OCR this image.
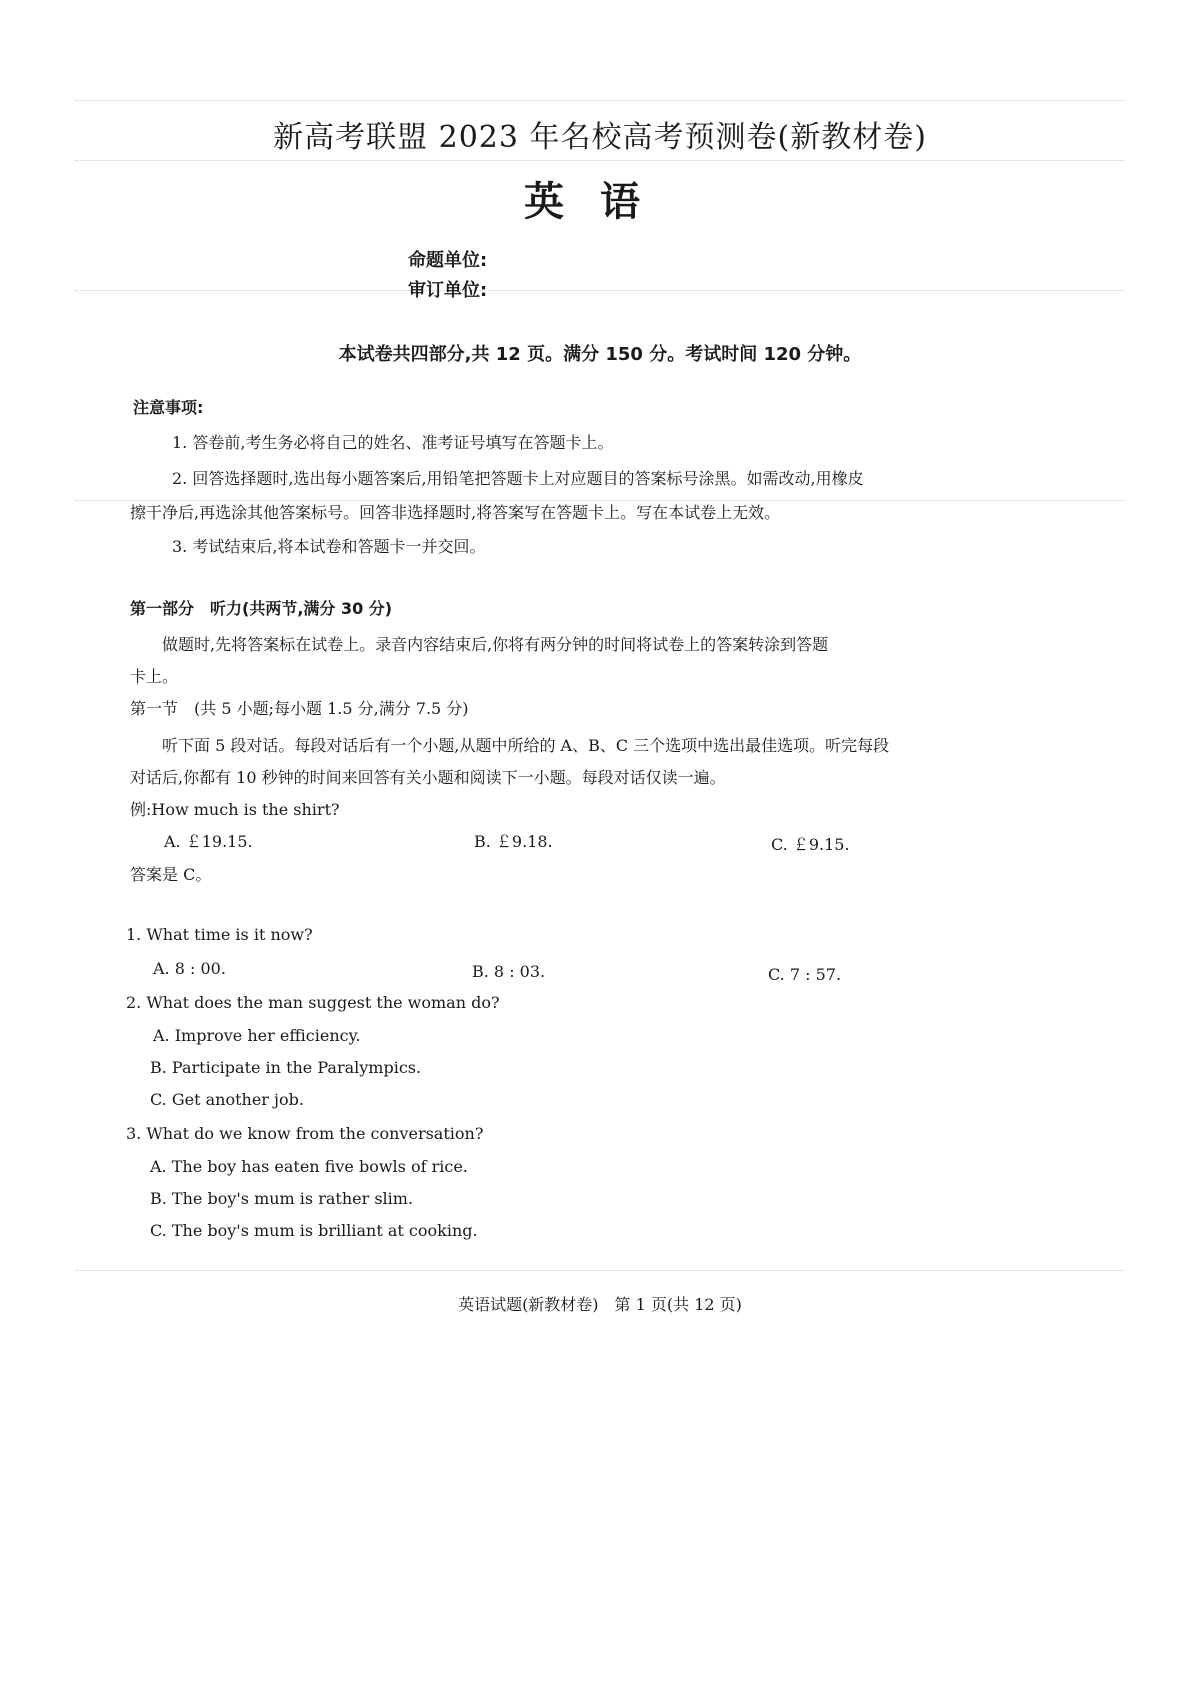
新高考联盟 2023 年名校高考预测卷(新教材卷)
英语
命题单位:
审订单位:
本试卷共四部分,共 12 页。满分 150 分。考试时间 120 分钟。
注意事项:
1. 答卷前,考生务必将自己的姓名、准考证号填写在答题卡上。
2. 回答选择题时,选出每小题答案后,用铅笔把答题卡上对应题目的答案标号涂黑。如需改动,用橡皮
擦干净后,再选涂其他答案标号。回答非选择题时,将答案写在答题卡上。写在本试卷上无效。
3. 考试结束后,将本试卷和答题卡一并交回。
第一部分　听力(共两节,满分 30 分)
做题时,先将答案标在试卷上。录音内容结束后,你将有两分钟的时间将试卷上的答案转涂到答题
卡上。
第一节　(共 5 小题;每小题 1.5 分,满分 7.5 分)
听下面 5 段对话。每段对话后有一个小题,从题中所给的 A、B、C 三个选项中选出最佳选项。听完每段
对话后,你都有 10 秒钟的时间来回答有关小题和阅读下一小题。每段对话仅读一遍。
例:How much is the shirt?
A. ￡19.15.	B. ￡9.18.	C. ￡9.15.
答案是 C。
1. What time is it now?
A. 8 : 00.	B. 8 : 03.	C. 7 : 57.
2. What does the man suggest the woman do?
A. Improve her efficiency.
B. Participate in the Paralympics.
C. Get another job.
3. What do we know from the conversation?
A. The boy has eaten five bowls of rice.
B. The boy's mum is rather slim.
C. The boy's mum is brilliant at cooking.
英语试题(新教材卷)　第 1 页(共 12 页)
